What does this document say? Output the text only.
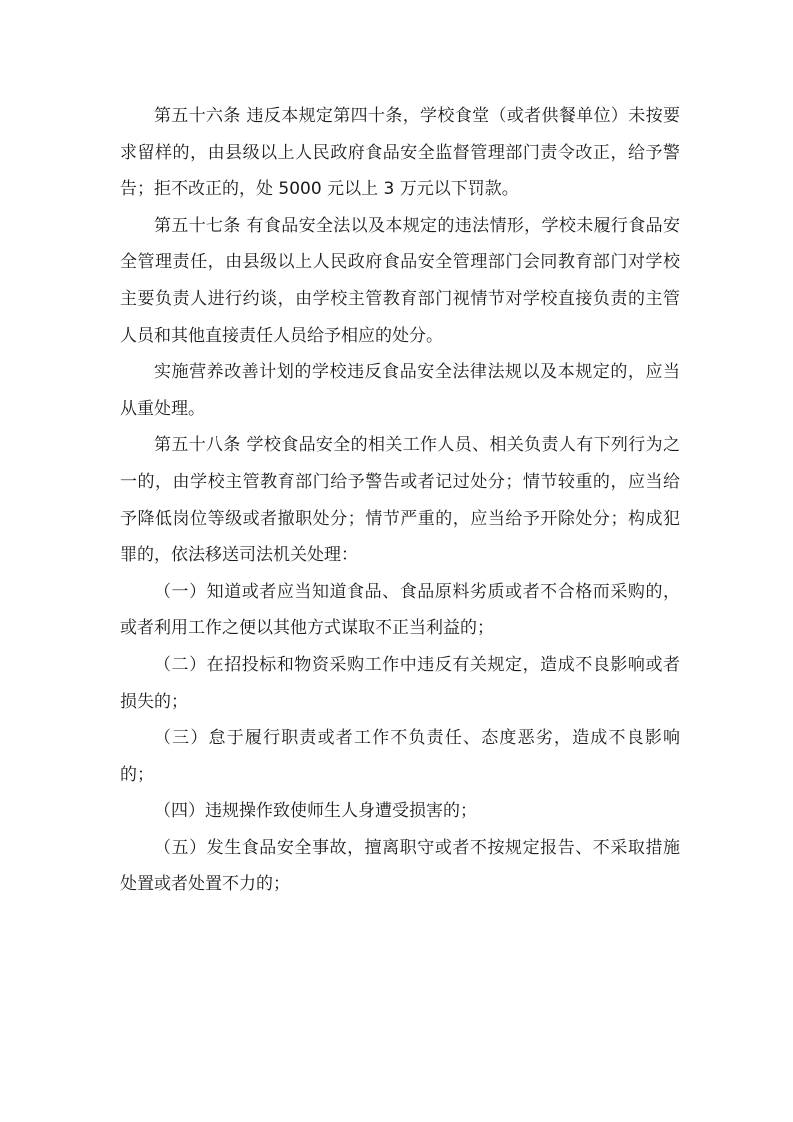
第五十六条 违反本规定第四十条，学校食堂（或者供餐单位）未按要求留样的，由县级以上人民政府食品安全监督管理部门责令改正，给予警告；拒不改正的，处 5000 元以上 3 万元以下罚款。

第五十七条 有食品安全法以及本规定的违法情形，学校未履行食品安全管理责任，由县级以上人民政府食品安全管理部门会同教育部门对学校主要负责人进行约谈，由学校主管教育部门视情节对学校直接负责的主管人员和其他直接责任人员给予相应的处分。

实施营养改善计划的学校违反食品安全法律法规以及本规定的，应当从重处理。

第五十八条 学校食品安全的相关工作人员、相关负责人有下列行为之一的，由学校主管教育部门给予警告或者记过处分；情节较重的，应当给予降低岗位等级或者撤职处分；情节严重的，应当给予开除处分；构成犯罪的，依法移送司法机关处理：

（一）知道或者应当知道食品、食品原料劣质或者不合格而采购的，或者利用工作之便以其他方式谋取不正当利益的；

（二）在招投标和物资采购工作中违反有关规定，造成不良影响或者损失的；

（三）怠于履行职责或者工作不负责任、态度恶劣，造成不良影响的；

（四）违规操作致使师生人身遭受损害的；

（五）发生食品安全事故，擅离职守或者不按规定报告、不采取措施处置或者处置不力的；
